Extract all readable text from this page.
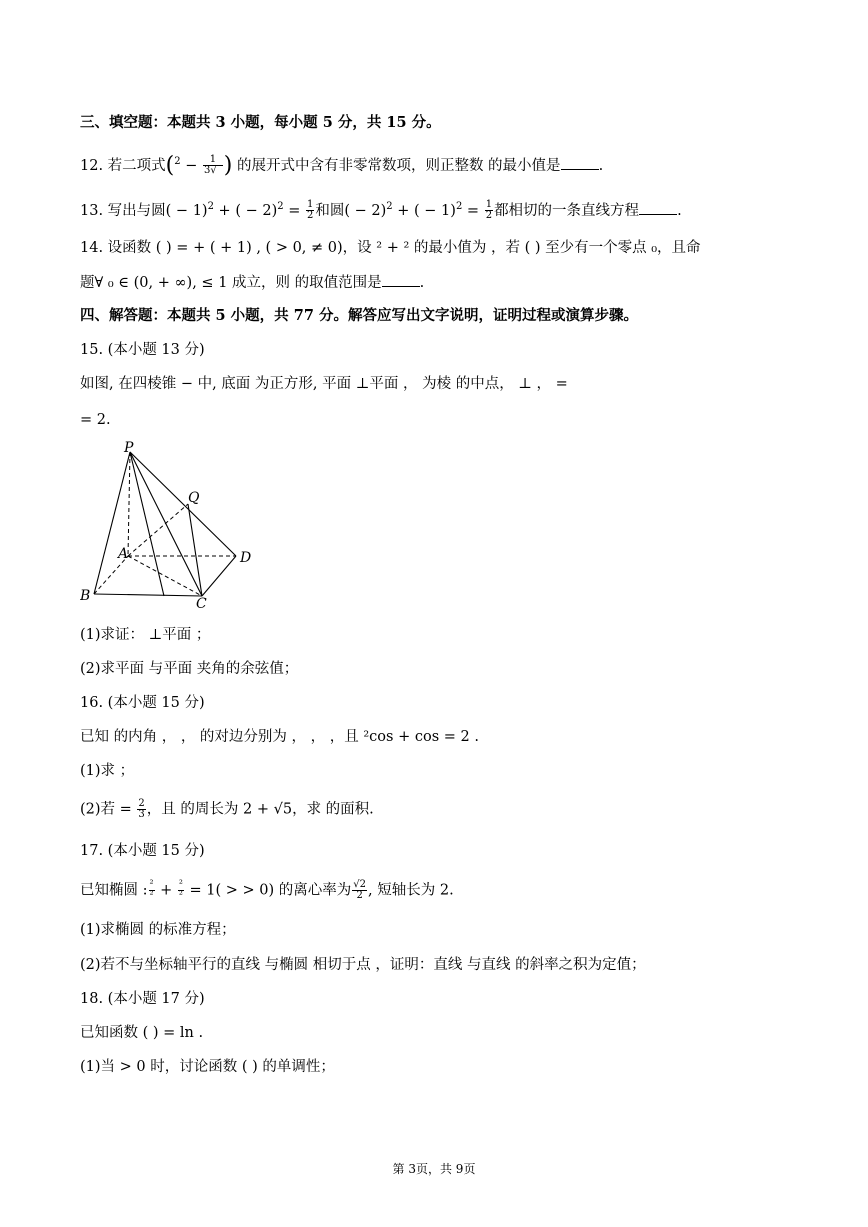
三、填空题：本题共 3 小题，每小题 5 分，共 15 分。
12. 若二项式($^2 - \frac{1}{3√‾}$ ) 的展开式中含有非零常数项，则正整数 的最小值是	.
13. 写出与圆( − 1)$^2$ + ( − $2)^2 = \frac{1}{2}$ 和圆( − 2)$^2$ + ( − $1)^2 = \frac{1}{2}$ 都相切的一条直线方程	.
14. 设函数 ( ) = + ( + 1) , ( > 0, ≠ 0)，设 ² + ² 的最小值为 ，若 ( ) 至少有一个零点 ₀，且命
题∀ ₀ ∈ (0, + ∞), ≤ 1 成立，则 的取值范围是	.
四、解答题：本题共 5 小题，共 77 分。解答应写出文字说明，证明过程或演算步骤。
15. (本小题 13 分)
如图, 在四棱锥 − 中, 底面 为正方形, 平面 ⊥平面 ， 为棱 的中点， ⊥ ， =
= 2.
P
Q
A	D
B	C
(1)求证： ⊥平面 ；
(2)求平面 与平面 夹角的余弦值；
16. (本小题 15 分)
已知 的内角 ， ， 的对边分别为 ， ， ，且 ²cos + cos = 2 .
(1)求 ；
(2)若 = $\frac{2}{3}$ ，且 的周长为 2 + √5，求 的面积.
17. (本小题 15 分)
已知椭圆 : $\frac{\text{²}}{\text{²}} + \frac{\text{²}}{\text{²}} = 1$( > > 0) 的离心率为 $\frac{√2}{2}$ , 短轴长为 2.
(1)求椭圆 的标准方程；
(2)若不与坐标轴平行的直线 与椭圆 相切于点 ，证明：直线 与直线 的斜率之积为定值；
18. (本小题 17 分)
已知函数 ( ) = ln .
(1)当 > 0 时，讨论函数 ( ) 的单调性；
第 3页，共 9页
